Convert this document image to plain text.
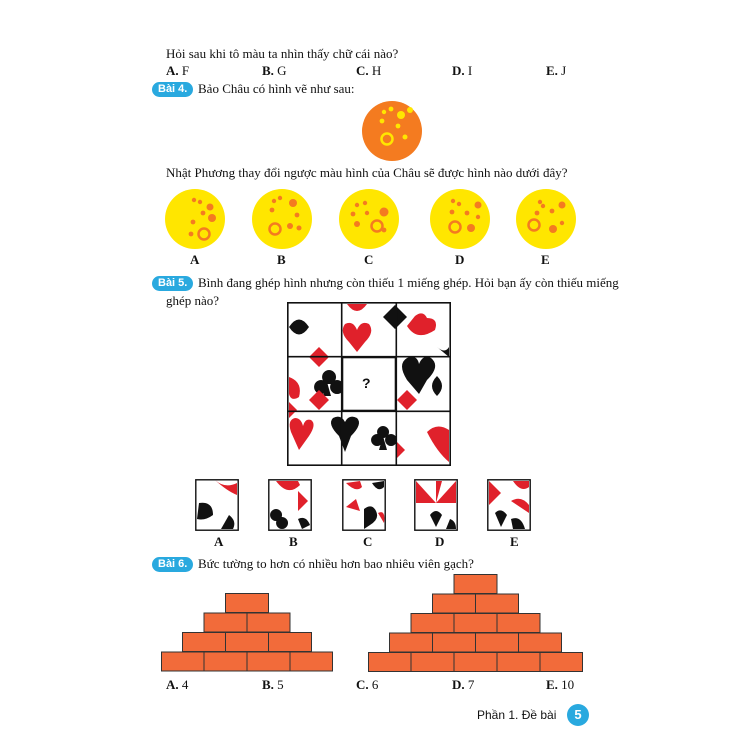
Hỏi sau khi tô màu ta nhìn thấy chữ cái nào?
A. F	B. G	C. H	D. I	E. J
Bài 4. Bảo Châu có hình vẽ như sau:
Nhật Phương thay đổi ngược màu hình của Châu sẽ được hình nào dưới đây?
A	B	C	D	E
Bài 5. Bình đang ghép hình nhưng còn thiếu 1 miếng ghép. Hỏi bạn ấy còn thiếu miếng
ghép nào?
?
A	B	C	D	E
Bài 6. Bức tường to hơn có nhiều hơn bao nhiêu viên gạch?
A. 4	B. 5	C. 6	D. 7	E. 10
Phần 1. Đề bài	5
